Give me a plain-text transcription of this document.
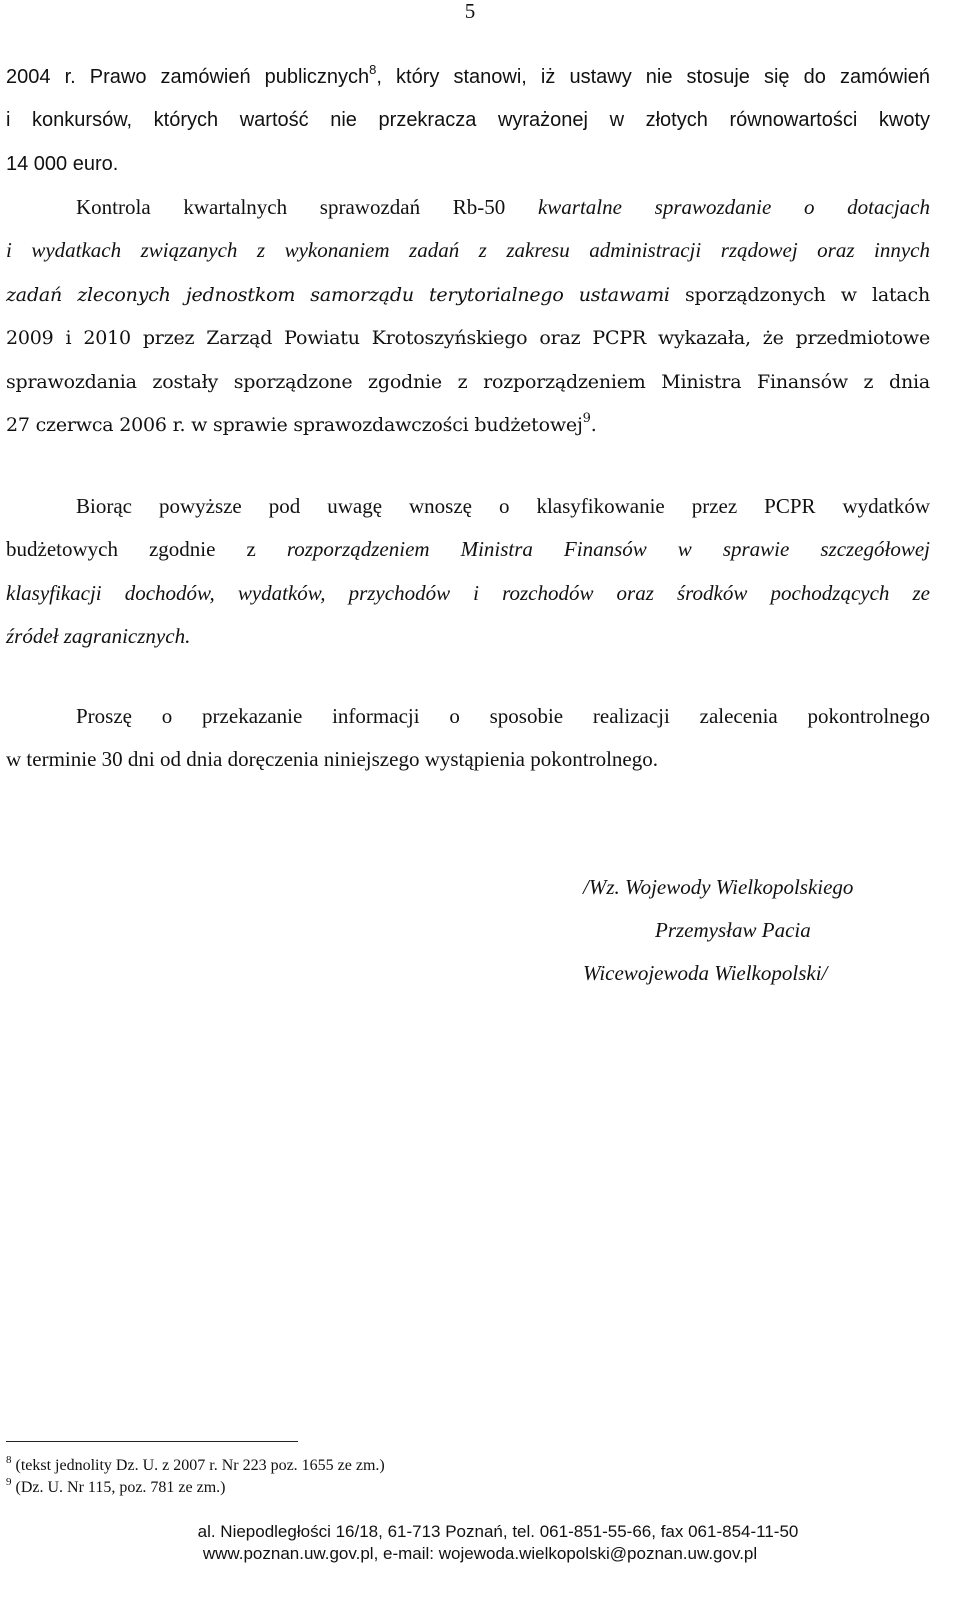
5

2004 r. Prawo zamówień publicznych$^8$, który stanowi, iż ustawy nie stosuje się do zamówień
i konkursów, których wartość nie przekracza wyrażonej w złotych równowartości kwoty
14 000 euro.

Kontrola kwartalnych sprawozdań Rb-50 kwartalne sprawozdanie o dotacjach
i wydatkach związanych z wykonaniem zadań z zakresu administracji rządowej oraz innych
zadań zleconych jednostkom samorządu terytorialnego ustawami sporządzonych w latach
2009 i 2010 przez Zarząd Powiatu Krotoszyńskiego oraz PCPR wykazała, że przedmiotowe
sprawozdania zostały sporządzone zgodnie z rozporządzeniem Ministra Finansów z dnia
27 czerwca 2006 r. w sprawie sprawozdawczości budżetowej$^9$.

Biorąc powyższe pod uwagę wnoszę o klasyfikowanie przez PCPR wydatków
budżetowych zgodnie z rozporządzeniem Ministra Finansów w sprawie szczegółowej
klasyfikacji dochodów, wydatków, przychodów i rozchodów oraz środków pochodzących ze
źródeł zagranicznych.

Proszę o przekazanie informacji o sposobie realizacji zalecenia pokontrolnego
w terminie 30 dni od dnia doręczenia niniejszego wystąpienia pokontrolnego.

/Wz. Wojewody Wielkopolskiego
Przemysław Pacia
Wicewojewoda Wielkopolski/
$^8$ (tekst jednolity Dz. U. z 2007 r. Nr 223 poz. 1655 ze zm.)
$^9$ (Dz. U. Nr 115, poz. 781 ze zm.)
al. Niepodległości 16/18, 61-713 Poznań, tel. 061-851-55-66, fax 061-854-11-50
www.poznan.uw.gov.pl, e-mail: wojewoda.wielkopolski@poznan.uw.gov.pl
